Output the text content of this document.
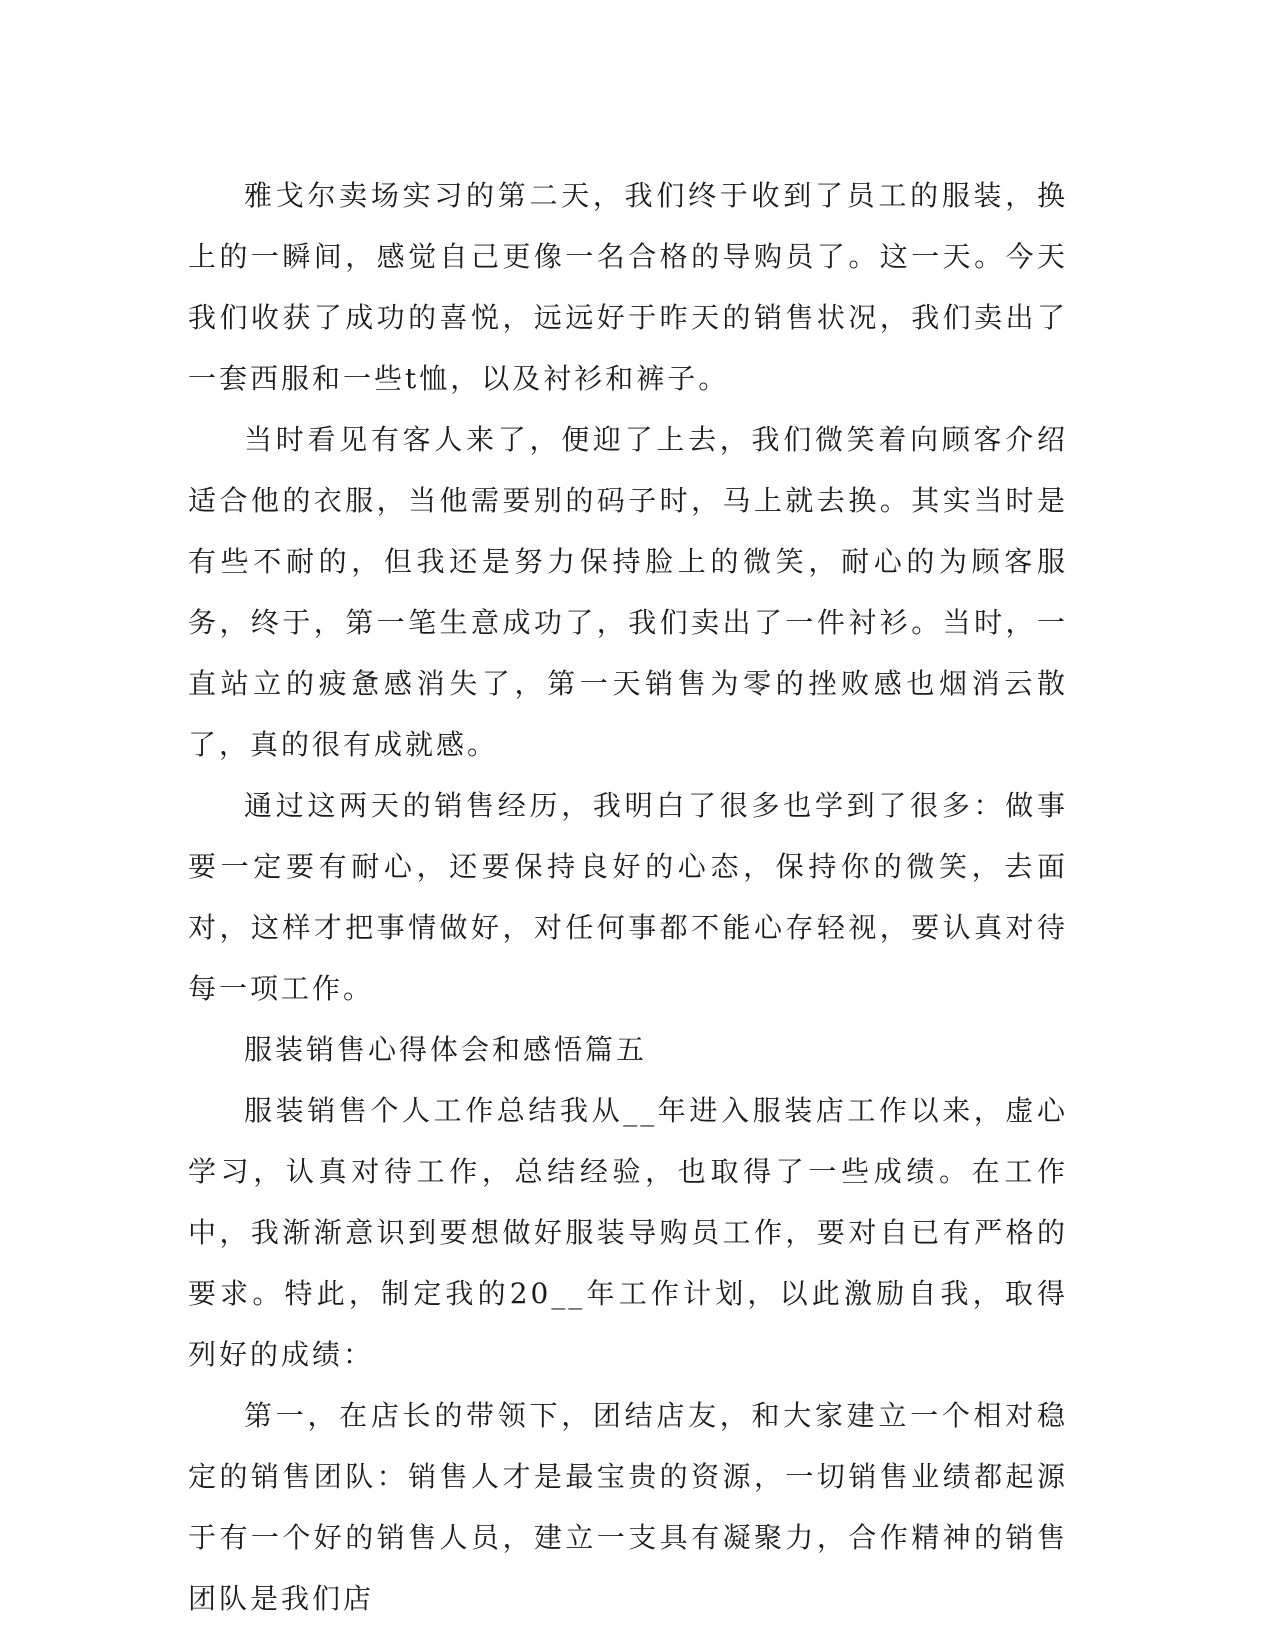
雅戈尔卖场实习的第二天，我们终于收到了员工的服装，换上的一瞬间，感觉自己更像一名合格的导购员了。这一天。今天我们收获了成功的喜悦，远远好于昨天的销售状况，我们卖出了一套西服和一些t恤，以及衬衫和裤子。

当时看见有客人来了，便迎了上去，我们微笑着向顾客介绍适合他的衣服，当他需要别的码子时，马上就去换。其实当时是有些不耐的，但我还是努力保持脸上的微笑，耐心的为顾客服务，终于，第一笔生意成功了，我们卖出了一件衬衫。当时，一直站立的疲惫感消失了，第一天销售为零的挫败感也烟消云散了，真的很有成就感。

通过这两天的销售经历，我明白了很多也学到了很多：做事要一定要有耐心，还要保持良好的心态，保持你的微笑，去面对，这样才把事情做好，对任何事都不能心存轻视，要认真对待每一项工作。

服装销售心得体会和感悟篇五

服装销售个人工作总结我从__年进入服装店工作以来，虚心学习，认真对待工作，总结经验，也取得了一些成绩。在工作中，我渐渐意识到要想做好服装导购员工作，要对自已有严格的要求。特此，制定我的20__年工作计划，以此激励自我，取得列好的成绩：

第一，在店长的带领下，团结店友，和大家建立一个相对稳定的销售团队：销售人才是最宝贵的资源，一切销售业绩都起源于有一个好的销售人员，建立一支具有凝聚力，合作精神的销售团队是我们店
